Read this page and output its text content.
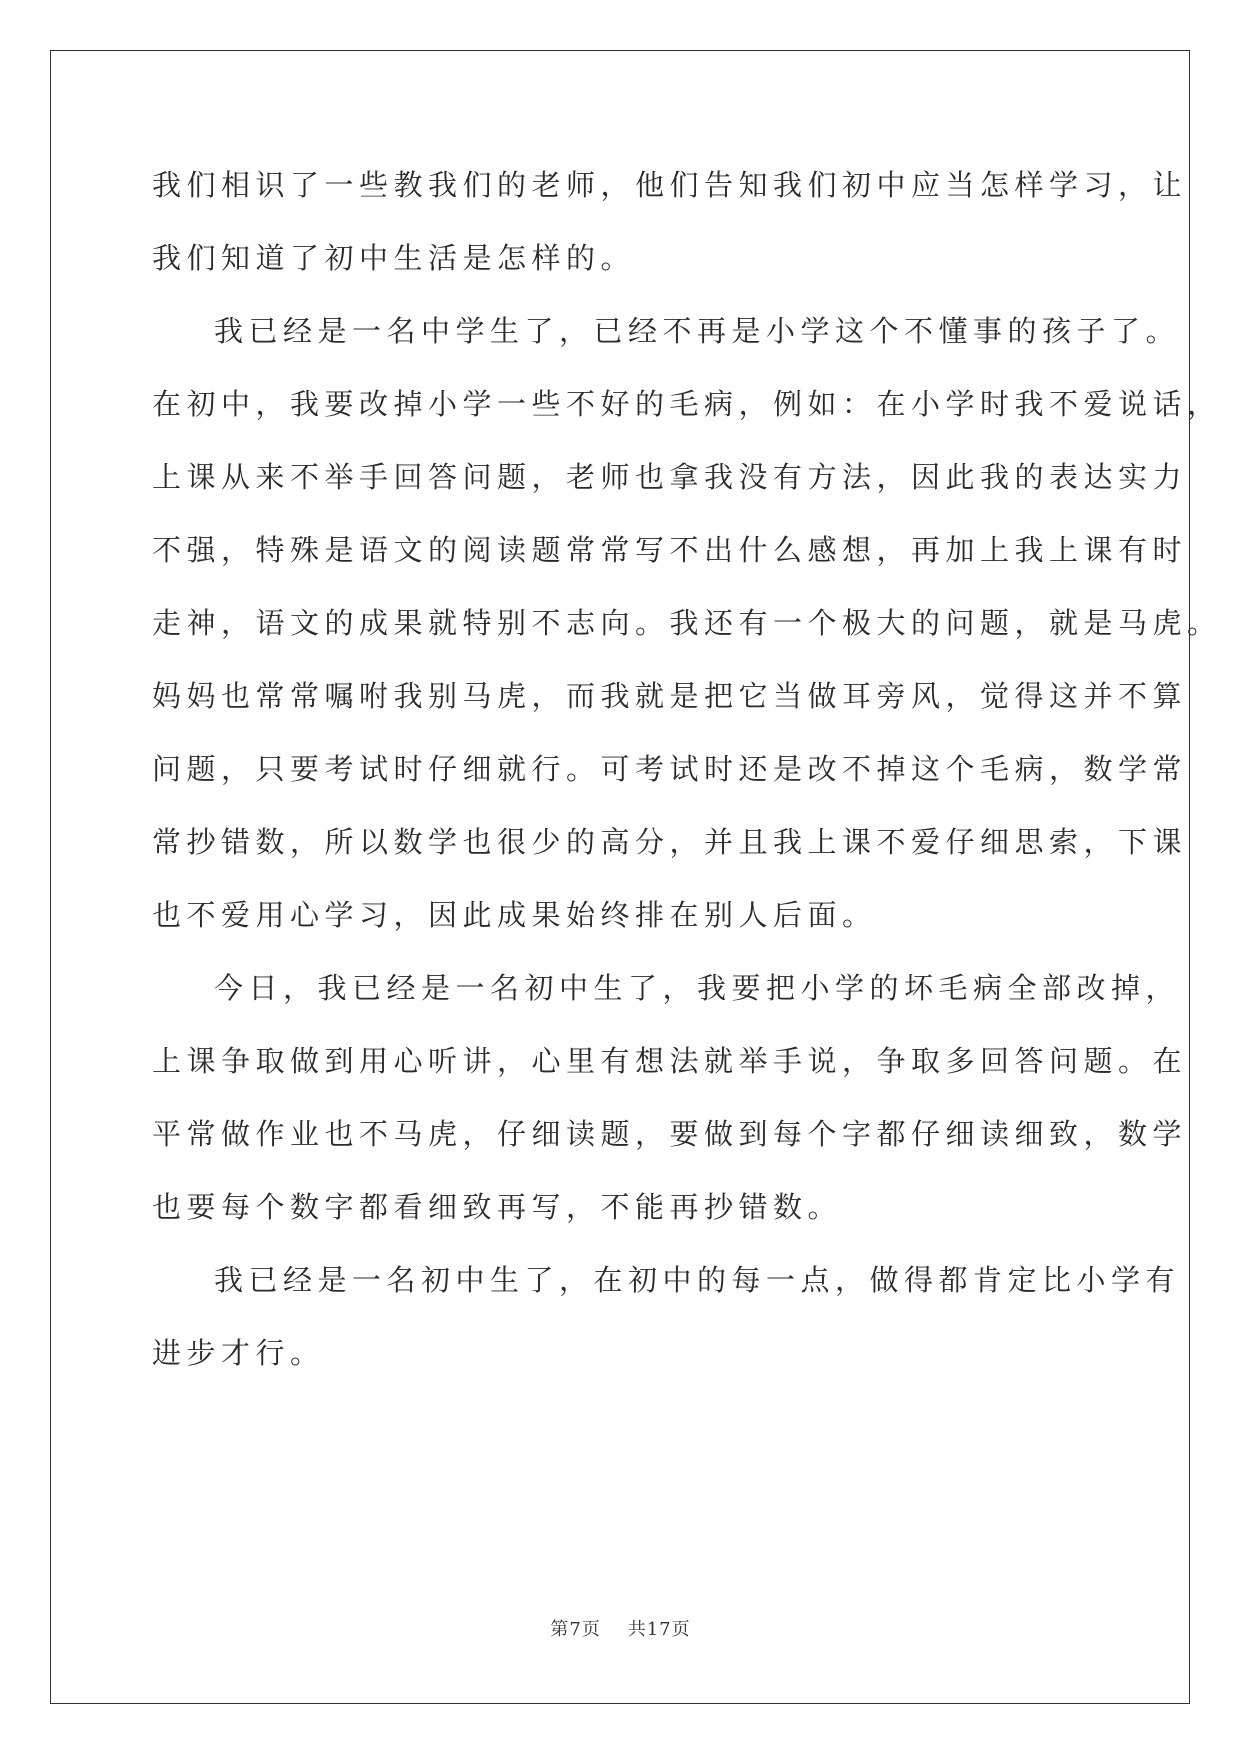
我们相识了一些教我们的老师，他们告知我们初中应当怎样学习，让
我们知道了初中生活是怎样的。
我已经是一名中学生了，已经不再是小学这个不懂事的孩子了。
在初中，我要改掉小学一些不好的毛病，例如：在小学时我不爱说话，
上课从来不举手回答问题，老师也拿我没有方法，因此我的表达实力
不强，特殊是语文的阅读题常常写不出什么感想，再加上我上课有时
走神，语文的成果就特别不志向。我还有一个极大的问题，就是马虎。
妈妈也常常嘱咐我别马虎，而我就是把它当做耳旁风，觉得这并不算
问题，只要考试时仔细就行。可考试时还是改不掉这个毛病，数学常
常抄错数，所以数学也很少的高分，并且我上课不爱仔细思索，下课
也不爱用心学习，因此成果始终排在别人后面。
今日，我已经是一名初中生了，我要把小学的坏毛病全部改掉，
上课争取做到用心听讲，心里有想法就举手说，争取多回答问题。在
平常做作业也不马虎，仔细读题，要做到每个字都仔细读细致，数学
也要每个数字都看细致再写，不能再抄错数。
我已经是一名初中生了，在初中的每一点，做得都肯定比小学有
进步才行。
第7页    共17页
